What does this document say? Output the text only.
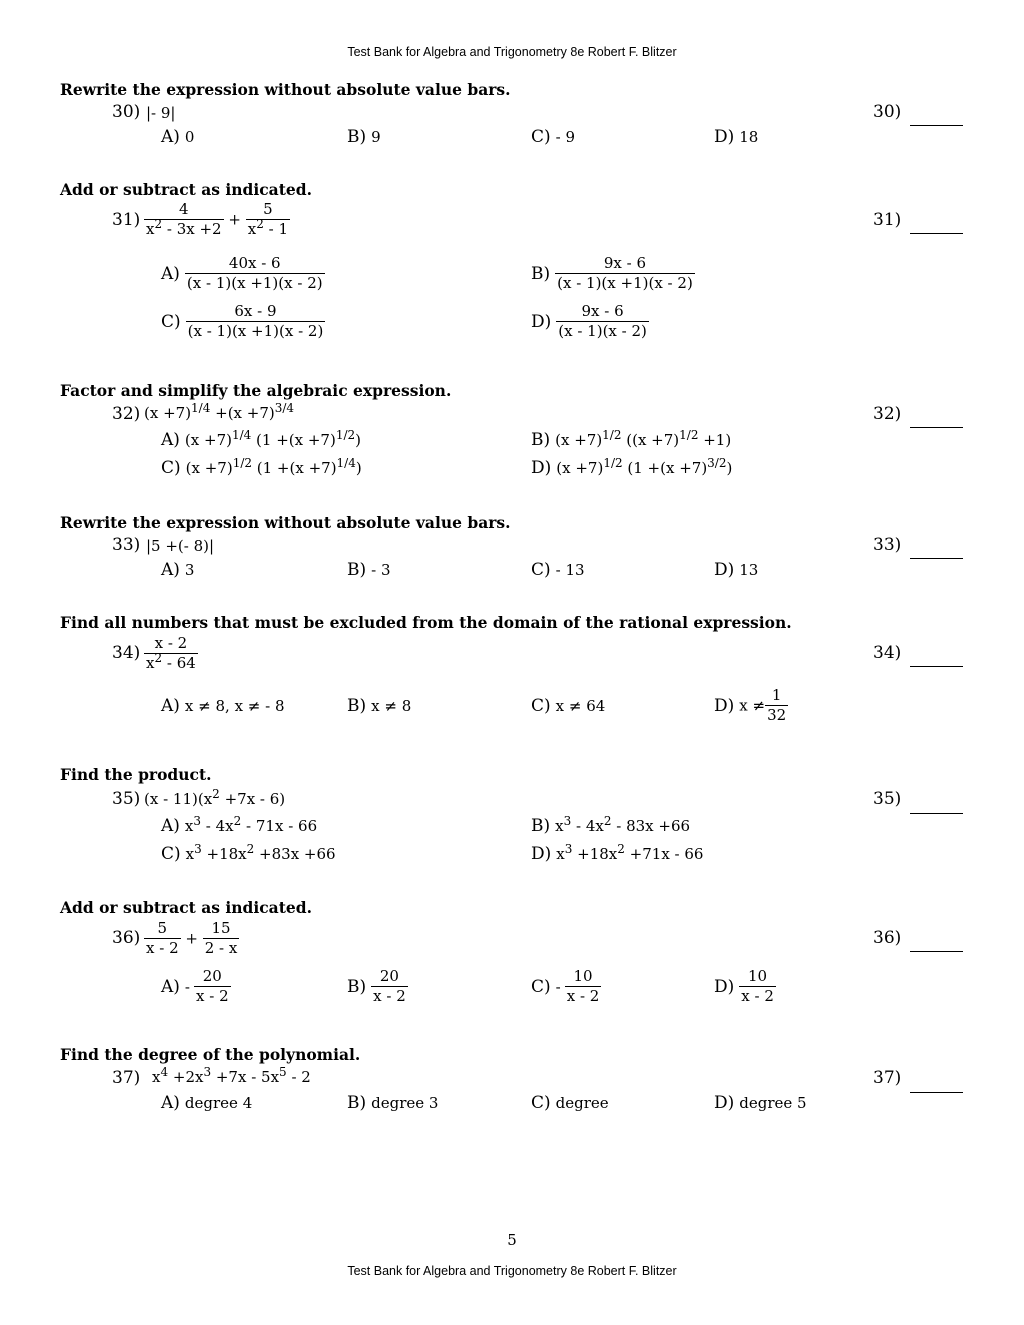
Test Bank for Algebra and Trigonometry 8e Robert F. Blitzer
Rewrite the expression without absolute value bars.
30) |- 9|	30)
A) 0	B) 9	C) - 9	D) 18
Add or subtract as indicated.
$31) \frac{4}{x^2 - 3x +2} + \frac{5}{x^2 - 1}$	31)
$A) \frac{40x - 6}{(x - 1)(x +1)(x - 2)}$	$B) \frac{9x - 6}{(x - 1)(x +1)(x - 2)}$
$C) \frac{6x - 9}{(x - 1)(x +1)(x - 2)}$	$D) \frac{9x - 6}{(x - 1)(x - 2)}$
Factor and simplify the algebraic expression.
32) $(x +7)^{1/4} +(x +7)^{3/4}$	32)
A) $(x +7)^{1/4}$ $(1 +(x +7)^{1/2})$	B) $(x +7)^{1/2}$ $((x +7)^{1/2} +1)$
C) $(x +7)^{1/2}$ $(1 +(x +7)^{1/4})$	D) $(x +7)^{1/2}$ $(1 +(x +7)^{3/2})$
Rewrite the expression without absolute value bars.
33) |5 +(- 8)|	33)
A) 3	B) - 3	C) - 13	D) 13
Find all numbers that must be excluded from the domain of the rational expression.
$34) \frac{x - 2}{x^2 - 64}$	34)
A) x ≠ 8, x ≠ - 8	B) x ≠ 8	C) x ≠ 64	D) $x \ne \frac{1}{32}$
Find the product.
35) $(x - 11)(x^2 +7x - 6)$	35)
A) $x^3 - 4x^2 - 71x - 66$	B) $x^3 - 4x^2 - 83x +66$
C) $x^3 +18x^2 +83x +66$	D) $x^3 +18x^2 +71x - 66$
Add or subtract as indicated.
$36) \frac{5}{x - 2} + \frac{15}{2 - x}$	36)
$A) - \frac{20}{x - 2}$	$B) \frac{20}{x - 2}$	$C) - \frac{10}{x - 2}$	$D) \frac{10}{x - 2}$
Find the degree of the polynomial.
37) $x^4 +2x^3 +7x - 5x^5 - 2$	37)
A) degree 4	B) degree 3	C) degree	D) degree 5
5
Test Bank for Algebra and Trigonometry 8e Robert F. Blitzer
